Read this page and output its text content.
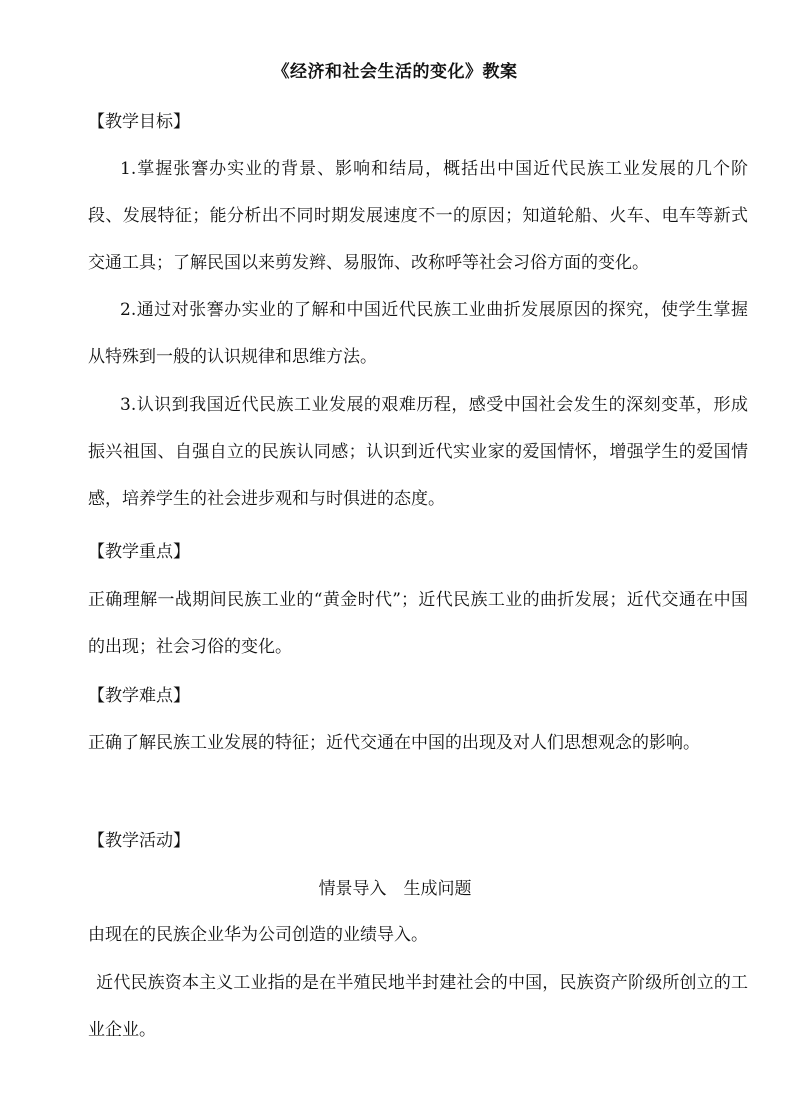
《经济和社会生活的变化》教案
【教学目标】
1.掌握张謇办实业的背景、影响和结局，概括出中国近代民族工业发展的几个阶段、发展特征；能分析出不同时期发展速度不一的原因；知道轮船、火车、电车等新式交通工具；了解民国以来剪发辫、易服饰、改称呼等社会习俗方面的变化。
2.通过对张謇办实业的了解和中国近代民族工业曲折发展原因的探究，使学生掌握从特殊到一般的认识规律和思维方法。
3.认识到我国近代民族工业发展的艰难历程，感受中国社会发生的深刻变革，形成振兴祖国、自强自立的民族认同感；认识到近代实业家的爱国情怀，增强学生的爱国情感，培养学生的社会进步观和与时俱进的态度。
【教学重点】
正确理解一战期间民族工业的“黄金时代”；近代民族工业的曲折发展；近代交通在中国的出现；社会习俗的变化。
【教学难点】
正确了解民族工业发展的特征；近代交通在中国的出现及对人们思想观念的影响。
【教学活动】
情景导入　生成问题
由现在的民族企业华为公司创造的业绩导入。
近代民族资本主义工业指的是在半殖民地半封建社会的中国，民族资产阶级所创立的工业企业。
